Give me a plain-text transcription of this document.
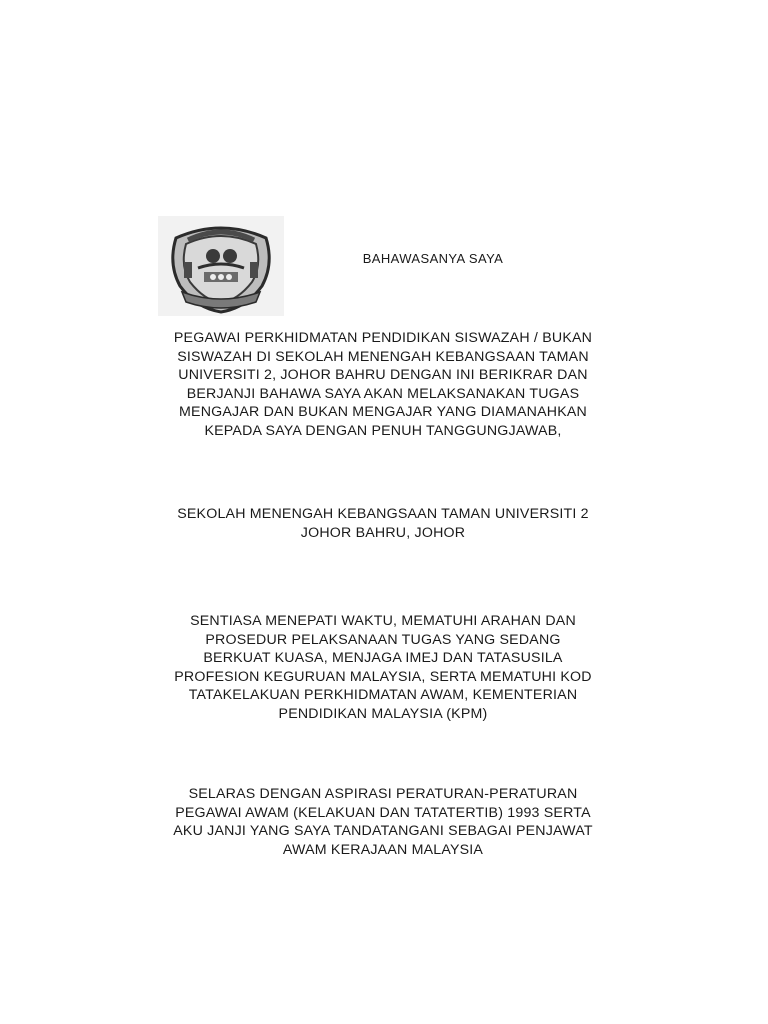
BAHAWASANYA SAYA
PEGAWAI PERKHIDMATAN PENDIDIKAN SISWAZAH / BUKAN
SISWAZAH DI SEKOLAH MENENGAH KEBANGSAAN TAMAN
UNIVERSITI 2, JOHOR BAHRU DENGAN INI BERIKRAR DAN
BERJANJI BAHAWA SAYA AKAN MELAKSANAKAN TUGAS
MENGAJAR DAN BUKAN MENGAJAR YANG DIAMANAHKAN
KEPADA SAYA DENGAN PENUH TANGGUNGJAWAB,
SEKOLAH MENENGAH KEBANGSAAN TAMAN UNIVERSITI 2
JOHOR BAHRU, JOHOR
SENTIASA MENEPATI WAKTU, MEMATUHI ARAHAN DAN
PROSEDUR PELAKSANAAN TUGAS YANG SEDANG
BERKUAT KUASA, MENJAGA IMEJ DAN TATASUSILA
PROFESION KEGURUAN MALAYSIA, SERTA MEMATUHI KOD
TATAKELAKUAN PERKHIDMATAN AWAM, KEMENTERIAN
PENDIDIKAN MALAYSIA (KPM)
SELARAS DENGAN ASPIRASI PERATURAN-PERATURAN
PEGAWAI AWAM (KELAKUAN DAN TATATERTIB) 1993 SERTA
AKU JANJI YANG SAYA TANDATANGANI SEBAGAI PENJAWAT
AWAM KERAJAAN MALAYSIA
